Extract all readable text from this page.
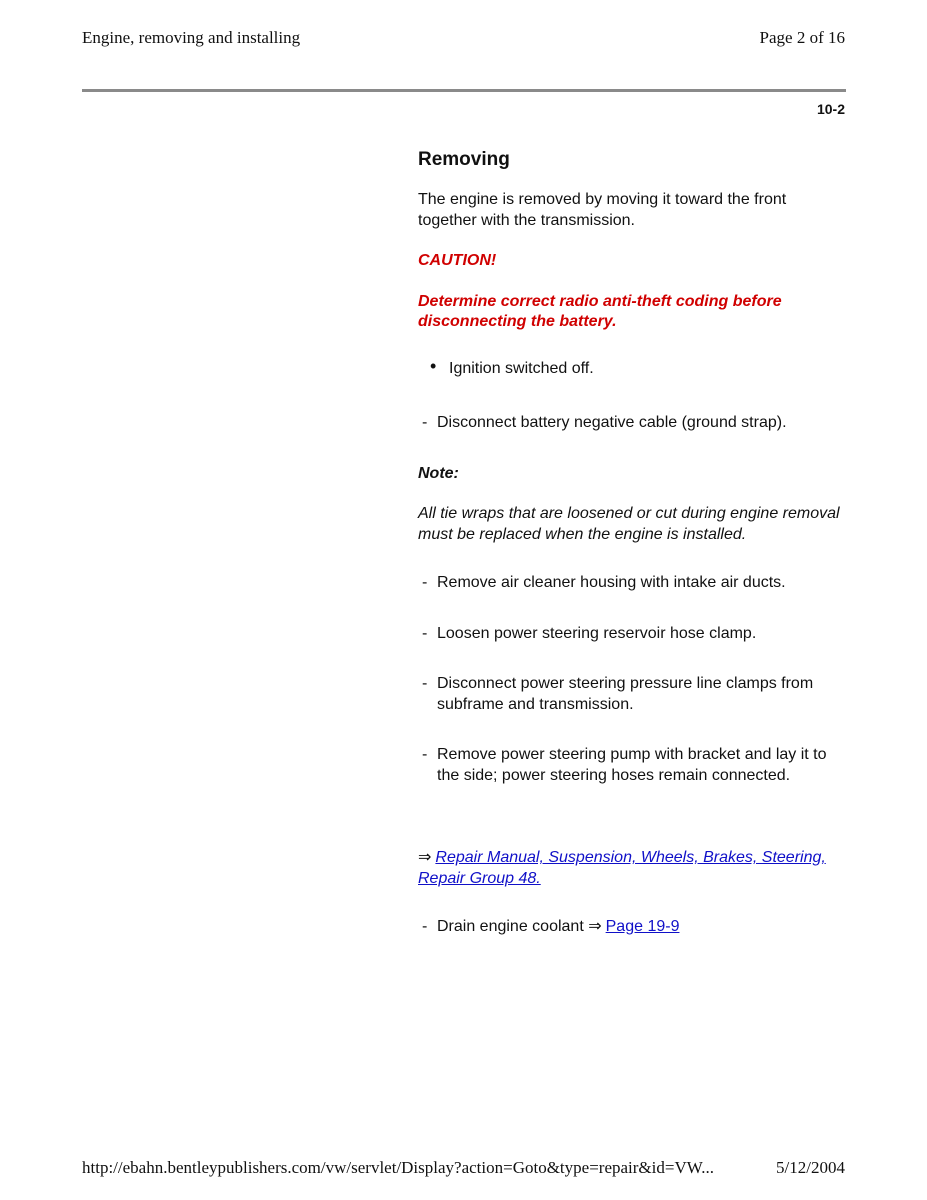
Engine, removing and installing	Page 2 of 16
10-2
Removing
The engine is removed by moving it toward the front together with the transmission.
CAUTION!
Determine correct radio anti-theft coding before disconnecting the battery.
• Ignition switched off.
- Disconnect battery negative cable (ground strap).
Note:
All tie wraps that are loosened or cut during engine removal must be replaced when the engine is installed.
- Remove air cleaner housing with intake air ducts.
- Loosen power steering reservoir hose clamp.
- Disconnect power steering pressure line clamps from subframe and transmission.
- Remove power steering pump with bracket and lay it to the side; power steering hoses remain connected.
⇒ Repair Manual, Suspension, Wheels, Brakes, Steering, Repair Group 48.
- Drain engine coolant ⇒ Page 19-9
http://ebahn.bentleypublishers.com/vw/servlet/Display?action=Goto&type=repair&id=VW...	5/12/2004
